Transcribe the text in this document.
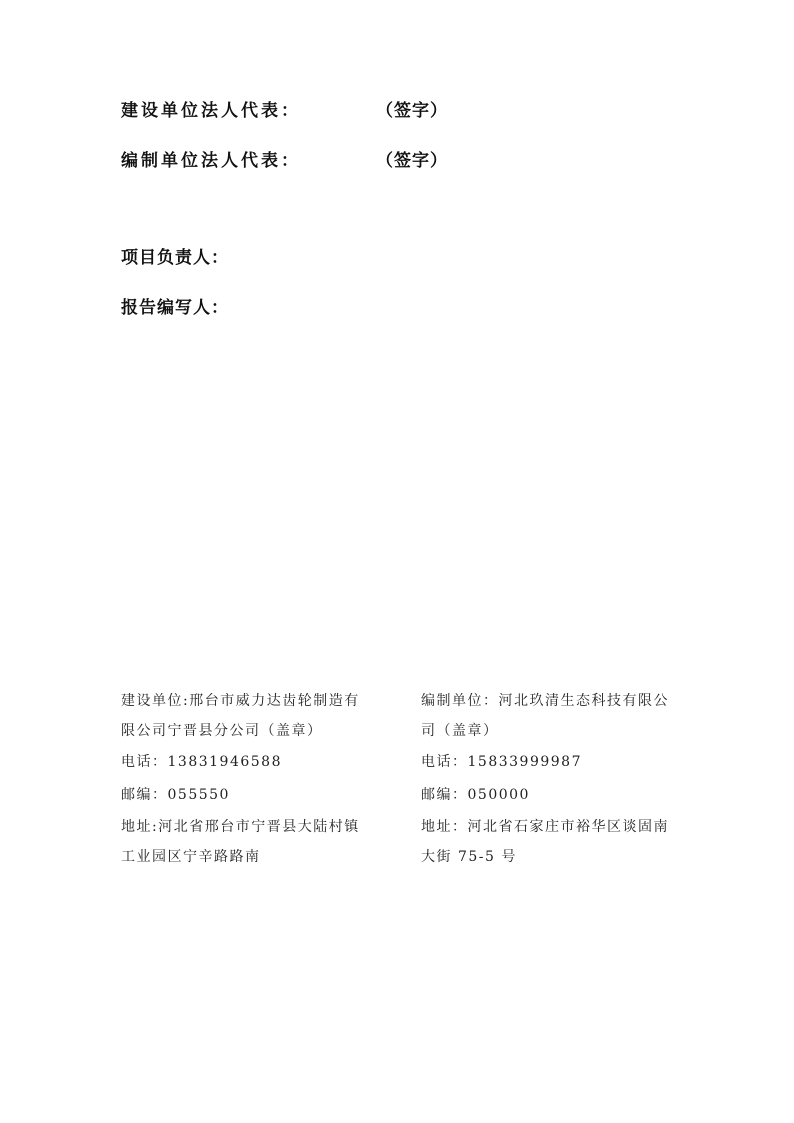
建设单位法人代表：	（签字）
编制单位法人代表：	（签字）
项目负责人：
报告编写人：

建设单位:邢台市威力达齿轮制造有

限公司宁晋县分公司（盖章）

电话：13831946588

邮编：055550

地址:河北省邢台市宁晋县大陆村镇

工业园区宁辛路路南

编制单位：河北玖清生态科技有限公

司（盖章）

电话：15833999987

邮编：050000

地址：河北省石家庄市裕华区谈固南

大街 75-5 号
